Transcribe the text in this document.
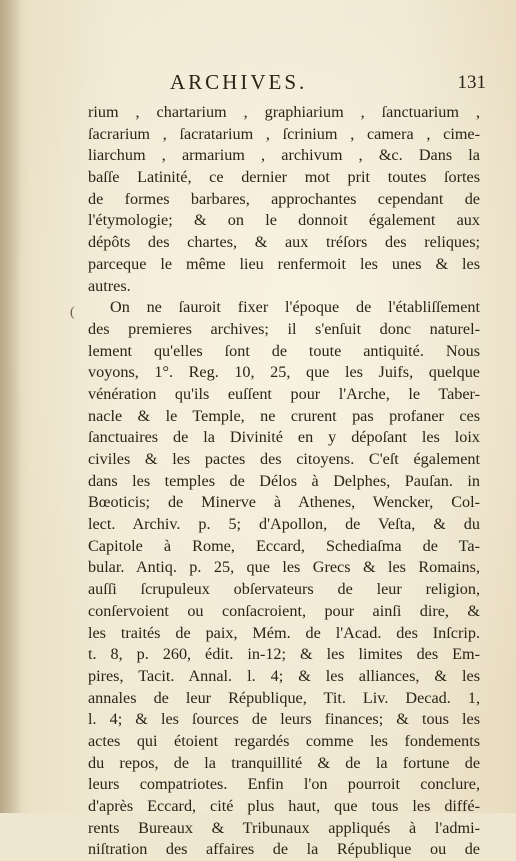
ARCHIVES.	131
(
rium , chartarium , graphiarium , ſanctuarium ,
ſacrarium , ſacratarium , ſcrinium , camera , cime-
liarchum , armarium , archivum , &c. Dans la
baſſe Latinité, ce dernier mot prit toutes ſortes
de formes barbares, approchantes cependant de
l'étymologie; & on le donnoit également aux
dépôts des chartes, & aux tréſors des reliques;
parceque le même lieu renfermoit les unes & les
autres.
On ne ſauroit fixer l'époque de l'établiſſement
des premieres archives; il s'enſuit donc naturel-
lement qu'elles ſont de toute antiquité. Nous
voyons, 1°. Reg. 10, 25, que les Juifs, quelque
vénération qu'ils euſſent pour l'Arche, le Taber-
nacle & le Temple, ne crurent pas profaner ces
ſanctuaires de la Divinité en y dépoſant les loix
civiles & les pactes des citoyens. C'eſt également
dans les temples de Délos à Delphes, Pauſan. in
Bœoticis; de Minerve à Athenes, Wencker, Col-
lect. Archiv. p. 5; d'Apollon, de Veſta, & du
Capitole à Rome, Eccard, Schediaſma de Ta-
bular. Antiq. p. 25, que les Grecs & les Romains,
auſſi ſcrupuleux obſervateurs de leur religion,
conſervoient ou conſacroient, pour ainſi dire, &
les traités de paix, Mém. de l'Acad. des Inſcrip.
t. 8, p. 260, édit. in-12; & les limites des Em-
pires, Tacit. Annal. l. 4; & les alliances, & les
annales de leur République, Tit. Liv. Decad. 1,
l. 4; & les ſources de leurs finances; & tous les
actes qui étoient regardés comme les fondements
du repos, de la tranquillité & de la fortune de
leurs compatriotes. Enfin l'on pourroit conclure,
d'après Eccard, cité plus haut, que tous les diffé-
rents Bureaux & Tribunaux appliqués à l'admi-
niſtration des affaires de la République ou de
